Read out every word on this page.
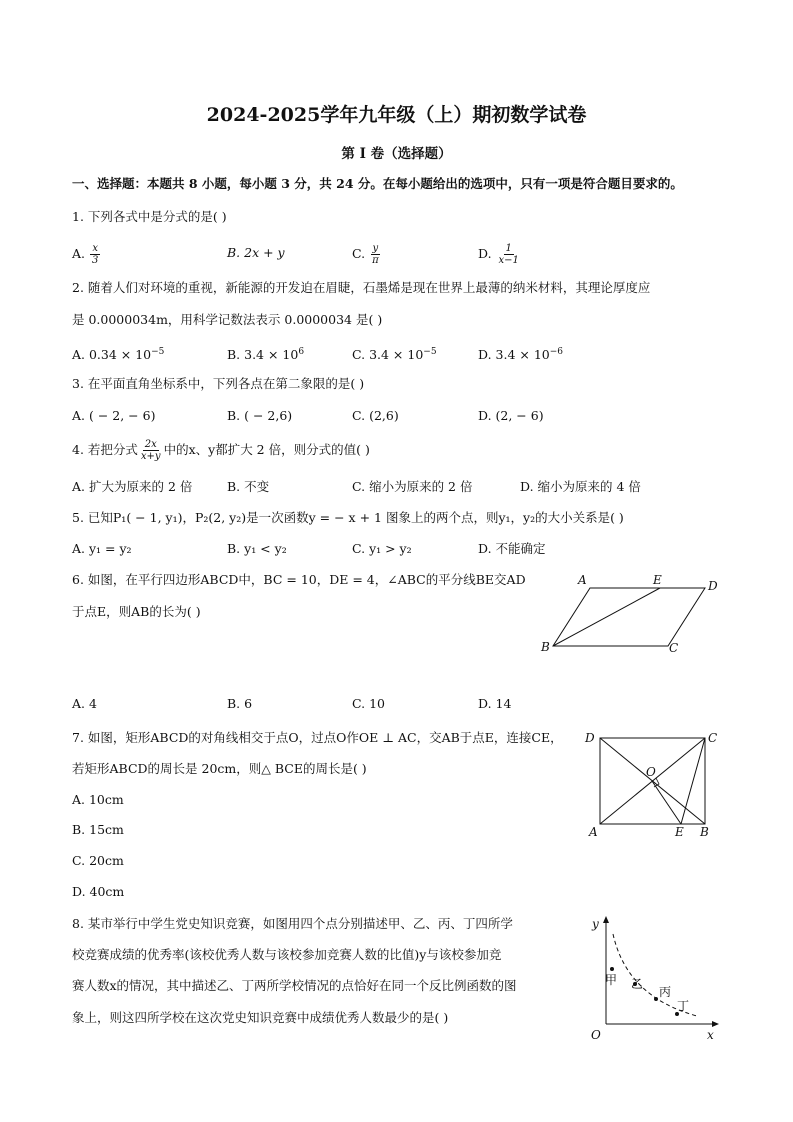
2024-2025学年九年级（上）期初数学试卷
第 I 卷（选择题）
一、选择题：本题共 8 小题，每小题 3 分，共 24 分。在每小题给出的选项中，只有一项是符合题目要求的。
1. 下列各式中是分式的是( )
A. $\frac{x}{3}$	B. 2x + y	C. $\frac{y}{\pi}$	D. $\frac{1}{x-1}$
2. 随着人们对环境的重视，新能源的开发迫在眉睫，石墨烯是现在世界上最薄的纳米材料，其理论厚度应
是 0.0000034m，用科学记数法表示 0.0000034 是( )
A. $0.34 \times 10^{-5}$	B. $3.4 \times 10^6$	C. $3.4 \times 10^{-5}$	D. $3.4 \times 10^{-6}$
3. 在平面直角坐标系中，下列各点在第二象限的是( )
A. ( − 2, − 6)	B. ( − 2,6)	C. (2,6)	D. (2, − 6)
4. 若把分式 $\frac{2x}{x+y}$ 中的x、y都扩大 2 倍，则分式的值( )
A. 扩大为原来的 2 倍	B. 不变	C. 缩小为原来的 2 倍	D. 缩小为原来的 4 倍
5. 已知P₁( − 1, y₁)，P₂(2, y₂)是一次函数y = − x + 1 图象上的两个点，则y₁，y₂的大小关系是( )
A. y₁ = y₂	B. y₁ < y₂	C. y₁ > y₂	D. 不能确定
6. 如图，在平行四边形ABCD中，BC = 10，DE = 4，∠ABC的平分线BE交AD
于点E，则AB的长为( )
A	E	D
B	C
A. 4	B. 6	C. 10	D. 14
7. 如图，矩形ABCD的对角线相交于点O，过点O作OE ⊥ AC，交AB于点E，连接CE，
若矩形ABCD的周长是 20cm，则△ BCE的周长是( )
A. 10cm
B. 15cm
C. 20cm
D. 40cm
D	C
O
A	E B
8. 某市举行中学生党史知识竞赛，如图用四个点分别描述甲、乙、丙、丁四所学
校竞赛成绩的优秀率(该校优秀人数与该校参加竞赛人数的比值)y与该校参加竞
赛人数x的情况，其中描述乙、丁两所学校情况的点恰好在同一个反比例函数的图
象上，则这四所学校在这次党史知识竞赛中成绩优秀人数最少的是( )
y
x
O
甲 乙
丙
丁
